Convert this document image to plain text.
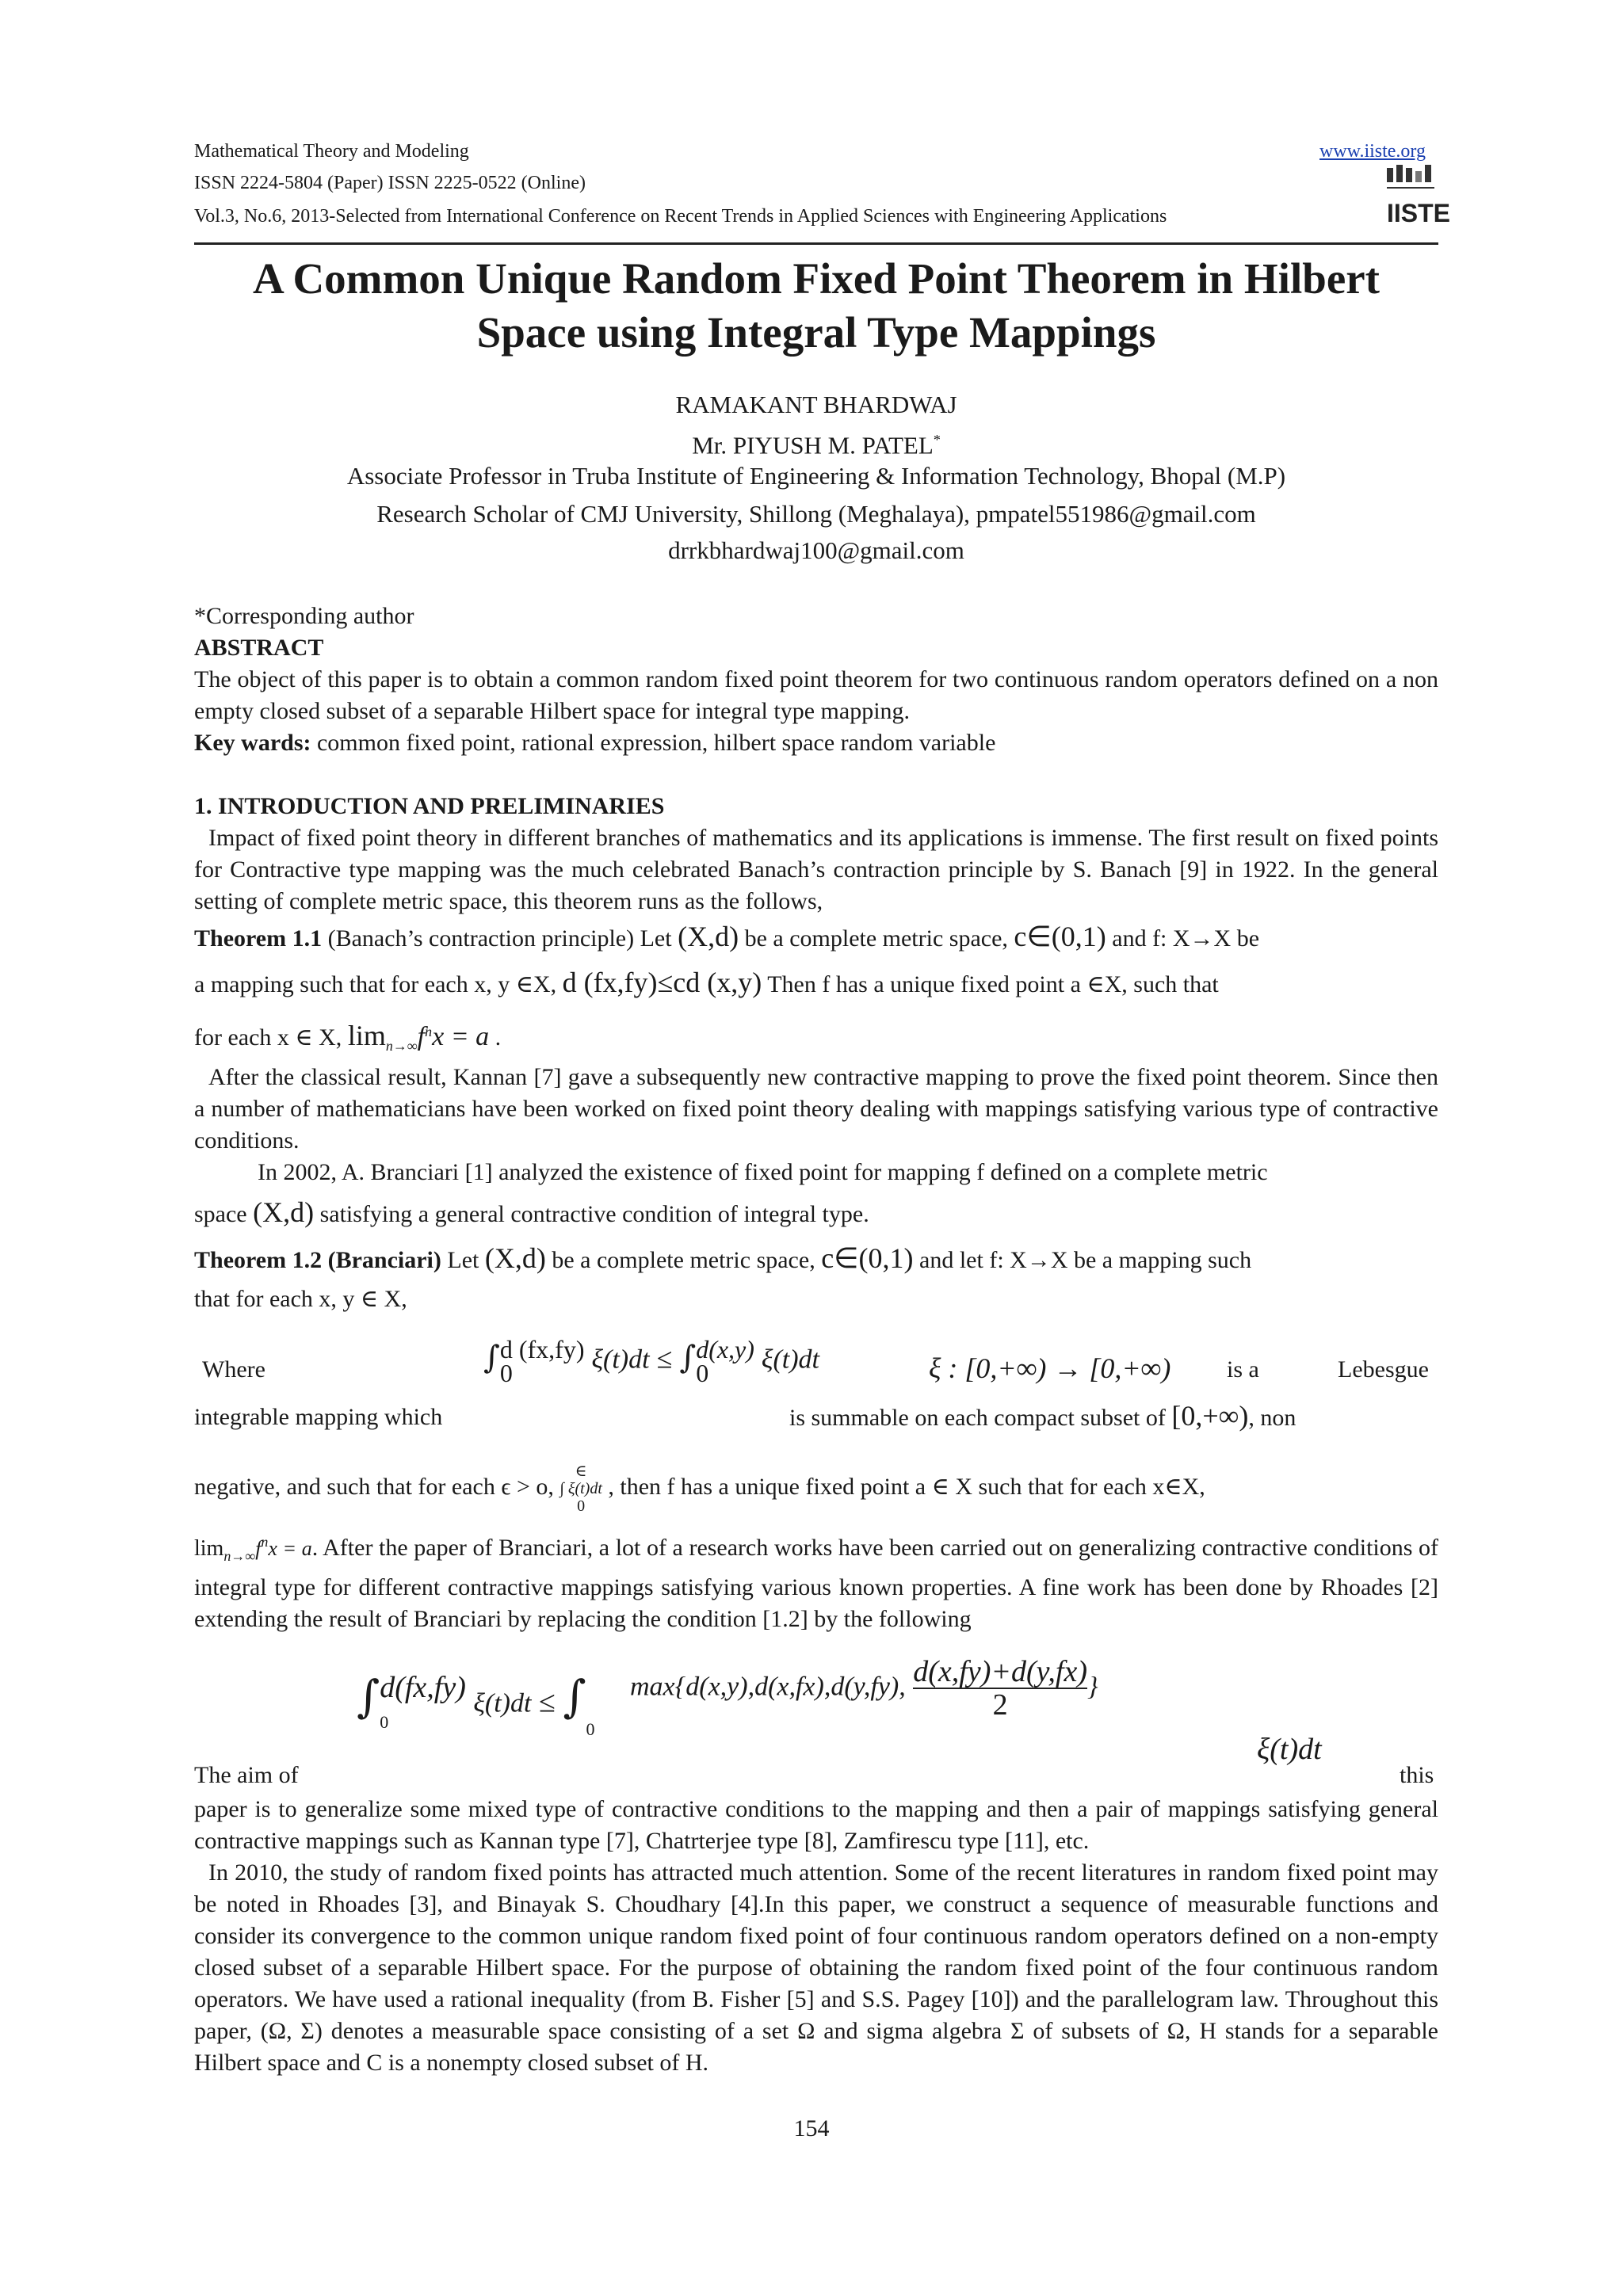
Mathematical Theory and Modeling	www.iiste.org
ISSN 2224-5804 (Paper) ISSN 2225-0522 (Online)
Vol.3, No.6, 2013-Selected from International Conference on Recent Trends in Applied Sciences with Engineering Applications	IISTE
A Common Unique Random Fixed Point Theorem in Hilbert
Space using Integral Type Mappings
RAMAKANT BHARDWAJ
Mr. PIYUSH M. PATEL*
Associate Professor in Truba Institute of Engineering & Information Technology, Bhopal (M.P)
Research Scholar of CMJ University, Shillong (Meghalaya), pmpatel551986@gmail.com
drrkbhardwaj100@gmail.com
*Corresponding author
ABSTRACT
The object of this paper is to obtain a common random fixed point theorem for two continuous random operators defined on a non empty closed subset of a separable Hilbert space for integral type mapping.
Key wards: common fixed point, rational expression, hilbert space random variable
1. INTRODUCTION AND PRELIMINARIES
Impact of fixed point theory in different branches of mathematics and its applications is immense. The first result on fixed points for Contractive type mapping was the much celebrated Banach’s contraction principle by S. Banach [9] in 1922. In the general setting of complete metric space, this theorem runs as the follows,
Theorem 1.1 (Banach’s contraction principle) Let (X,d) be a complete metric space, c∈(0,1) and f: X→X be
a mapping such that for each x, y ∈X, d (fx,fy)≤cd (x,y) Then f has a unique fixed point a ∈X, such that
for each x ∈ X, $\lim_{n\to\infty}f^nx = a$ .
After the classical result, Kannan [7] gave a subsequently new contractive mapping to prove the fixed point theorem. Since then a number of mathematicians have been worked on fixed point theory dealing with mappings satisfying various type of contractive conditions.
In 2002, A. Branciari [1] analyzed the existence of fixed point for mapping f defined on a complete metric
space (X,d) satisfying a general contractive condition of integral type.
Theorem 1.2 (Branciari) Let (X,d) be a complete metric space, c∈(0,1) and let f: X→X be a mapping such
that for each x, y ∈ X,
Where	∫ d (fx,fy)
0	ξ(t)dt ≤ ∫ d(x,y)
0	ξ(t)dt	ξ : [0,+∞) → [0,+∞) is a	Lebesgue
integrable mapping which	is summable on each compact subset of [0,+∞), non
negative, and such that for each ϵ > o,
∈
∫ ξ(t)dt
0
, then f has a unique fixed point a ∈ X such that for each x∈X,
$\lim_{n\to\infty}f^nx = a$. After the paper of Branciari, a lot of a research works have been carried out on generalizing contractive conditions of integral type for different contractive mappings satisfying various known properties. A fine work has been done by Rhoades [2] extending the result of Branciari by replacing the condition [1.2] by the following
∫ d(fx,fy)
0
ξ(t)dt ≤ ∫0
max{d(x,y),d(x,fx),d(y,fy), $\frac{d(x,fy)+d(y,fx)}{2}$ }
ξ(t)dt
The aim of	this
paper is to generalize some mixed type of contractive conditions to the mapping and then a pair of mappings satisfying general contractive mappings such as Kannan type [7], Chatrterjee type [8], Zamfirescu type [11], etc.
In 2010, the study of random fixed points has attracted much attention. Some of the recent literatures in random fixed point may be noted in Rhoades [3], and Binayak S. Choudhary [4].In this paper, we construct a sequence of measurable functions and consider its convergence to the common unique random fixed point of four continuous random operators defined on a non-empty closed subset of a separable Hilbert space. For the purpose of obtaining the random fixed point of the four continuous random operators. We have used a rational inequality (from B. Fisher [5] and S.S. Pagey [10]) and the parallelogram law. Throughout this paper, (Ω, Σ) denotes a measurable space consisting of a set Ω and sigma algebra Σ of subsets of Ω, H stands for a separable Hilbert space and C is a nonempty closed subset of H.
154
